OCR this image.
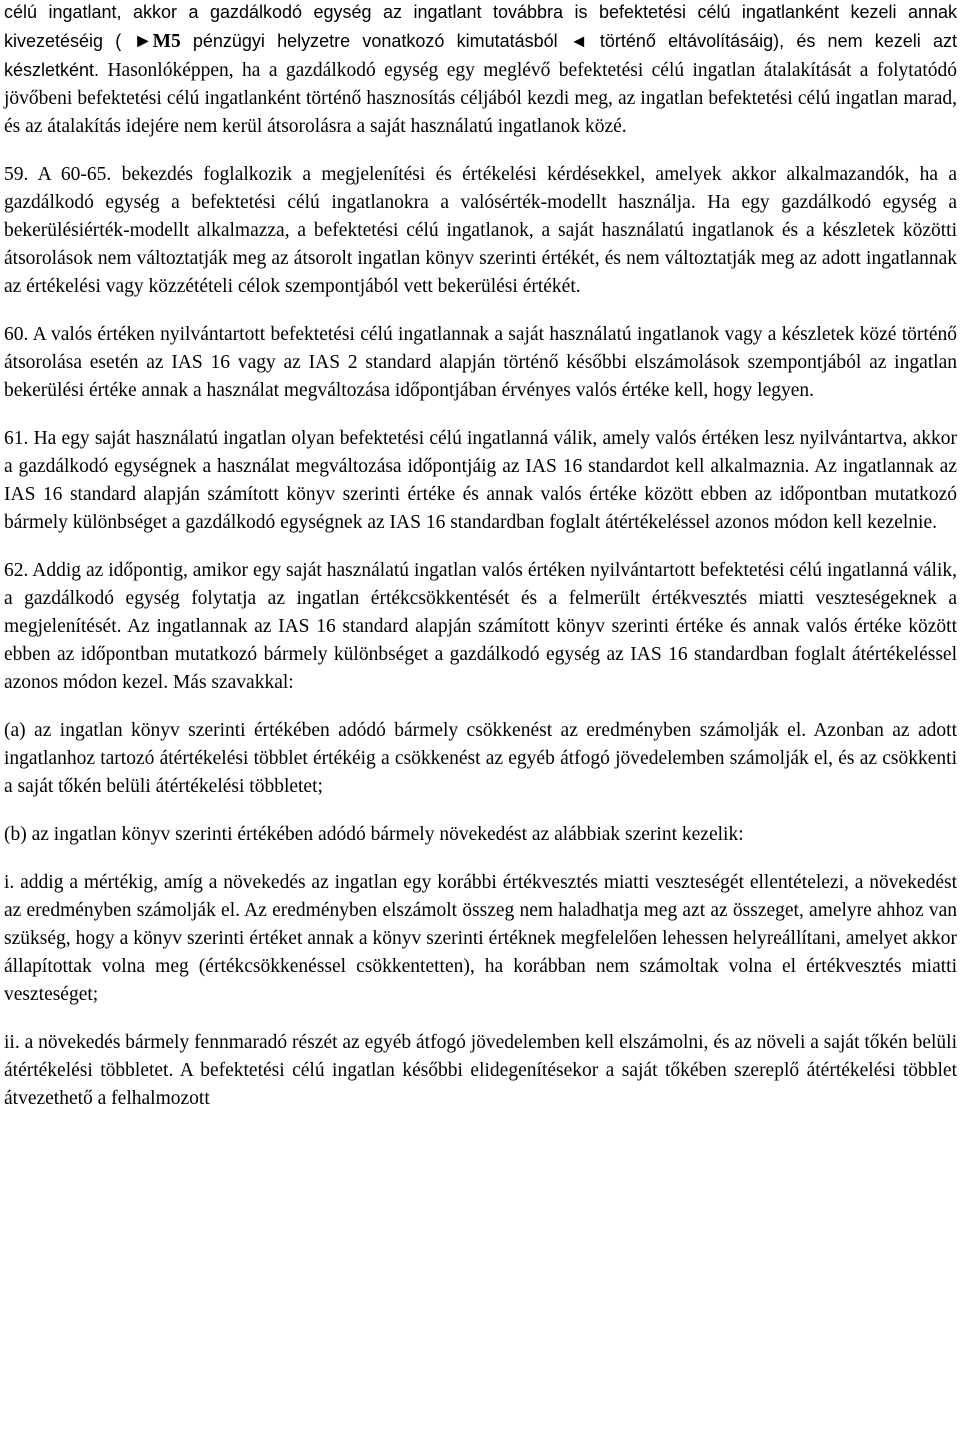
célú ingatlant, akkor a gazdálkodó egység az ingatlant továbbra is befektetési célú ingatlanként kezeli annak kivezetéséig ( ►M5 pénzügyi helyzetre vonatkozó kimutatásból ◄ történő eltávolításáig), és nem kezeli azt készletként. Hasonlóképpen, ha a gazdálkodó egység egy meglévő befektetési célú ingatlan átalakítását a folytatódó jövőbeni befektetési célú ingatlanként történő hasznosítás céljából kezdi meg, az ingatlan befektetési célú ingatlan marad, és az átalakítás idejére nem kerül átsorolásra a saját használatú ingatlanok közé.

59. A 60‑65. bekezdés foglalkozik a megjelenítési és értékelési kérdésekkel, amelyek akkor alkalmazandók, ha a gazdálkodó egység a befektetési célú ingatlanokra a valósérték-modellt használja. Ha egy gazdálkodó egység a bekerülésiérték-modellt alkalmazza, a befektetési célú ingatlanok, a saját használatú ingatlanok és a készletek közötti átsorolások nem változtatják meg az átsorolt ingatlan könyv szerinti értékét, és nem változtatják meg az adott ingatlannak az értékelési vagy közzétételi célok szempontjából vett bekerülési értékét.

60. A valós értéken nyilvántartott befektetési célú ingatlannak a saját használatú ingatlanok vagy a készletek közé történő átsorolása esetén az IAS 16 vagy az IAS 2 standard alapján történő későbbi elszámolások szempontjából az ingatlan bekerülési értéke annak a használat megváltozása időpontjában érvényes valós értéke kell, hogy legyen.

61. Ha egy saját használatú ingatlan olyan befektetési célú ingatlanná válik, amely valós értéken lesz nyilvántartva, akkor a gazdálkodó egységnek a használat megváltozása időpontjáig az IAS 16 standardot kell alkalmaznia. Az ingatlannak az IAS 16 standard alapján számított könyv szerinti értéke és annak valós értéke között ebben az időpontban mutatkozó bármely különbséget a gazdálkodó egységnek az IAS 16 standardban foglalt átértékeléssel azonos módon kell kezelnie.

62. Addig az időpontig, amikor egy saját használatú ingatlan valós értéken nyilvántartott befektetési célú ingatlanná válik, a gazdálkodó egység folytatja az ingatlan értékcsökkentését és a felmerült értékvesztés miatti veszteségeknek a megjelenítését. Az ingatlannak az IAS 16 standard alapján számított könyv szerinti értéke és annak valós értéke között ebben az időpontban mutatkozó bármely különbséget a gazdálkodó egység az IAS 16 standardban foglalt átértékeléssel azonos módon kezel. Más szavakkal:

(a) az ingatlan könyv szerinti értékében adódó bármely csökkenést az eredményben számolják el. Azonban az adott ingatlanhoz tartozó átértékelési többlet értékéig a csökkenést az egyéb átfogó jövedelemben számolják el, és az csökkenti a saját tőkén belüli átértékelési többletet;

(b) az ingatlan könyv szerinti értékében adódó bármely növekedést az alábbiak szerint kezelik:

i. addig a mértékig, amíg a növekedés az ingatlan egy korábbi értékvesztés miatti veszteségét ellentételezi, a növekedést az eredményben számolják el. Az eredményben elszámolt összeg nem haladhatja meg azt az összeget, amelyre ahhoz van szükség, hogy a könyv szerinti értéket annak a könyv szerinti értéknek megfelelően lehessen helyreállítani, amelyet akkor állapítottak volna meg (értékcsökkenéssel csökkentetten), ha korábban nem számoltak volna el értékvesztés miatti veszteséget;

ii. a növekedés bármely fennmaradó részét az egyéb átfogó jövedelemben kell elszámolni, és az növeli a saját tőkén belüli átértékelési többletet. A befektetési célú ingatlan későbbi elidegenítésekor a saját tőkében szereplő átértékelési többlet átvezethető a felhalmozott
